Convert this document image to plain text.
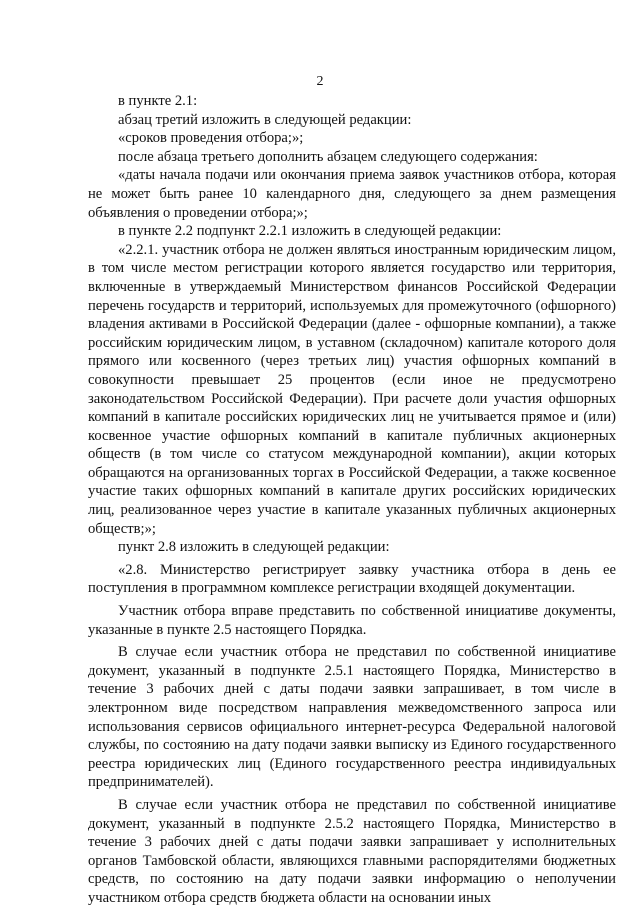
2

в пункте 2.1:

абзац третий изложить в следующей редакции:

«сроков проведения отбора;»;

после абзаца третьего дополнить абзацем следующего содержания:

«даты начала подачи или окончания приема заявок участников отбора, которая не может быть ранее 10 календарного дня, следующего за днем размещения объявления о проведении отбора;»;

в пункте 2.2 подпункт 2.2.1 изложить в следующей редакции:

«2.2.1. участник отбора не должен являться иностранным юридическим лицом, в том числе местом регистрации которого является государство или территория, включенные в утверждаемый Министерством финансов Российской Федерации перечень государств и территорий, используемых для промежуточного (офшорного) владения активами в Российской Федерации (далее - офшорные компании), а также российским юридическим лицом, в уставном (складочном) капитале которого доля прямого или косвенного (через третьих лиц) участия офшорных компаний в совокупности превышает 25 процентов (если иное не предусмотрено законодательством Российской Федерации). При расчете доли участия офшорных компаний в капитале российских юридических лиц не учитывается прямое и (или) косвенное участие офшорных компаний в капитале публичных акционерных обществ (в том числе со статусом международной компании), акции которых обращаются на организованных торгах в Российской Федерации, а также косвенное участие таких офшорных компаний в капитале других российских юридических лиц, реализованное через участие в капитале указанных публичных акционерных обществ;»;

пункт 2.8 изложить в следующей редакции:

«2.8. Министерство регистрирует заявку участника отбора в день ее поступления в программном комплексе регистрации входящей документации.

Участник отбора вправе представить по собственной инициативе документы, указанные в пункте 2.5 настоящего Порядка.

В случае если участник отбора не представил по собственной инициативе документ, указанный в подпункте 2.5.1 настоящего Порядка, Министерство в течение 3 рабочих дней с даты подачи заявки запрашивает, в том числе в электронном виде посредством направления межведомственного запроса или использования сервисов официального интернет-ресурса Федеральной налоговой службы, по состоянию на дату подачи заявки выписку из Единого государственного реестра юридических лиц (Единого государственного реестра индивидуальных предпринимателей).

В случае если участник отбора не представил по собственной инициативе документ, указанный в подпункте 2.5.2 настоящего Порядка, Министерство в течение 3 рабочих дней с даты подачи заявки запрашивает у исполнительных органов Тамбовской области, являющихся главными распорядителями бюджетных средств, по состоянию на дату подачи заявки информацию о неполучении участником отбора средств бюджета области на основании иных
